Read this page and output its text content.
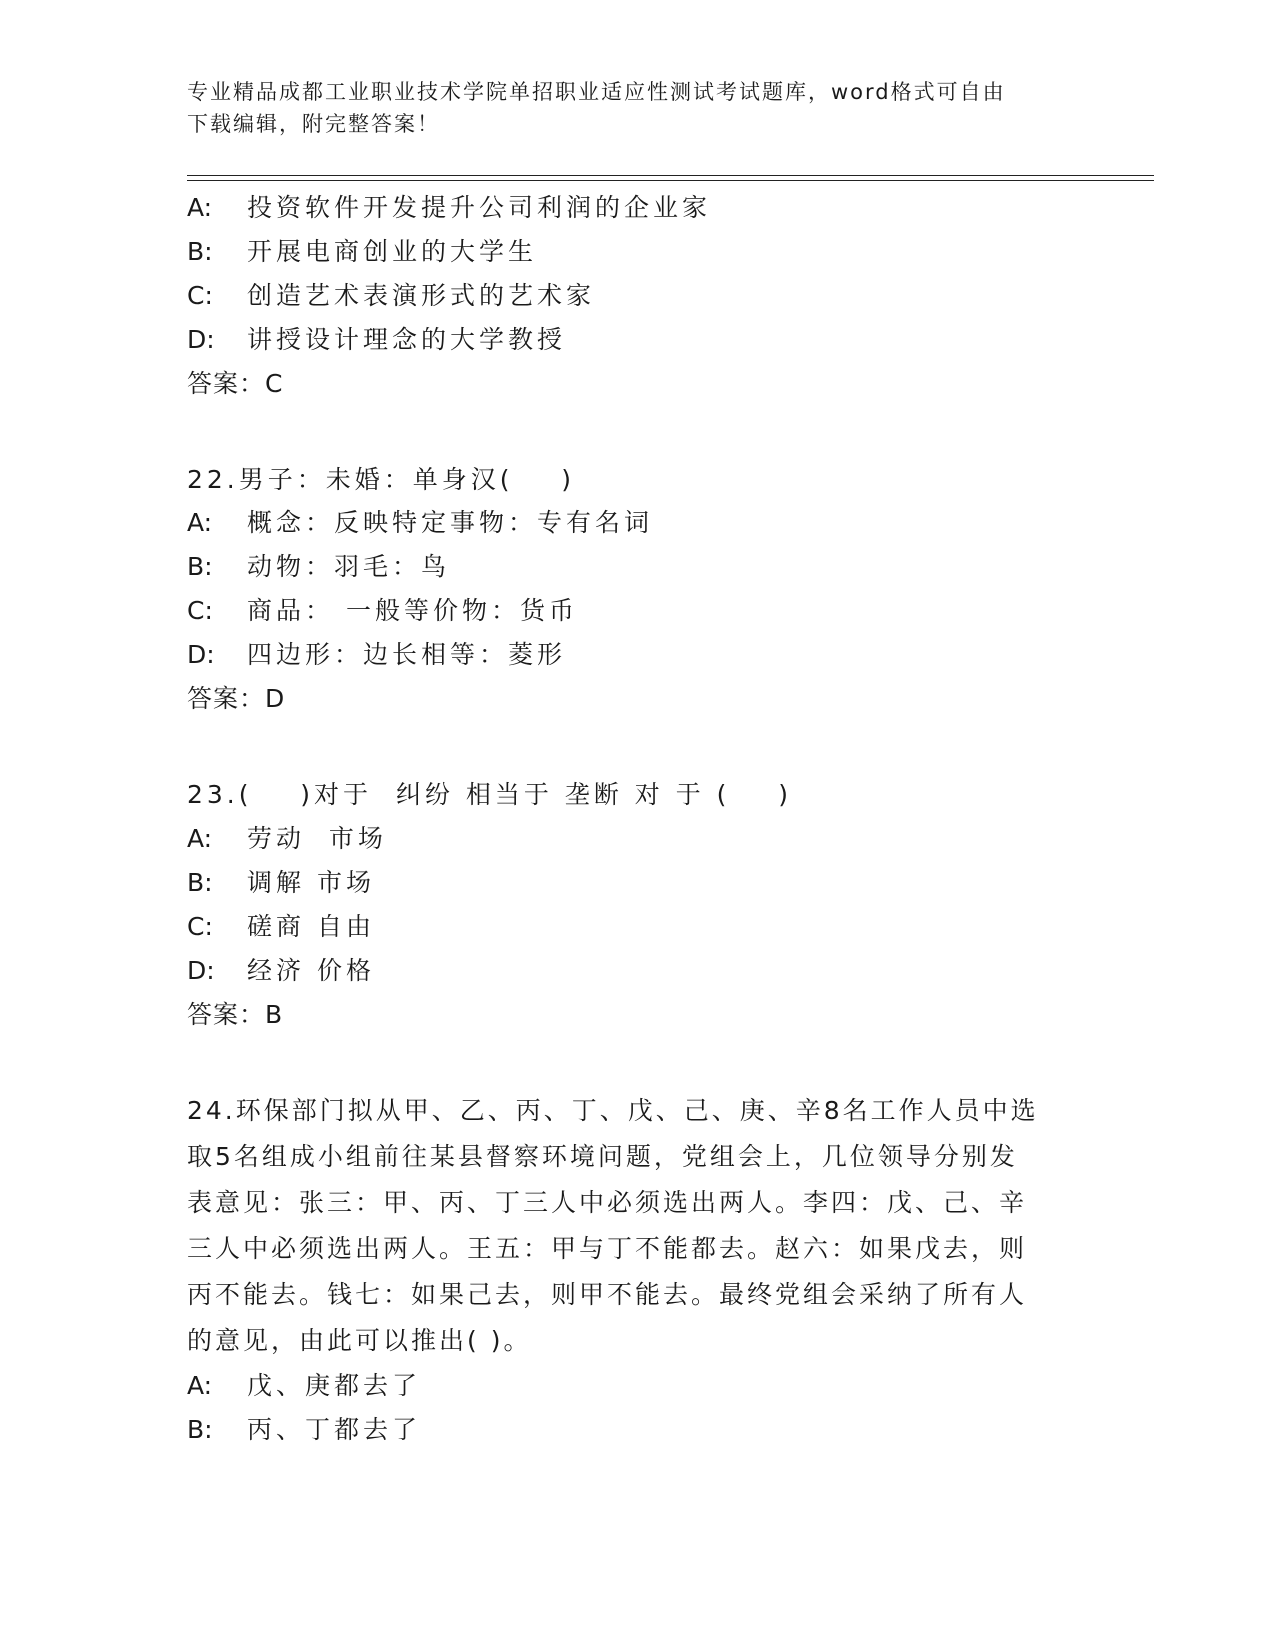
专业精品成都工业职业技术学院单招职业适应性测试考试题库，word格式可自由
下载编辑，附完整答案！
A: 投资软件开发提升公司利润的企业家
B: 开展电商创业的大学生
C: 创造艺术表演形式的艺术家
D: 讲授设计理念的大学教授
答案：C
22.男子：未婚：单身汉(    )
A: 概念：反映特定事物：专有名词
B: 动物：羽毛：鸟
C: 商品： 一般等价物：货币
D: 四边形：边长相等：菱形
答案：D
23.(    )对于  纠纷 相当于 垄断 对 于 (    )
A: 劳动  市场
B: 调解 市场
C: 磋商 自由
D: 经济 价格
答案：B
24.环保部门拟从甲、乙、丙、丁、戊、己、庚、辛8名工作人员中选
取5名组成小组前往某县督察环境问题，党组会上，几位领导分别发
表意见：张三：甲、丙、丁三人中必须选出两人。李四：戊、己、辛
三人中必须选出两人。王五：甲与丁不能都去。赵六：如果戊去，则
丙不能去。钱七：如果己去，则甲不能去。最终党组会采纳了所有人
的意见，由此可以推出( )。
A: 戊、庚都去了
B: 丙、丁都去了
